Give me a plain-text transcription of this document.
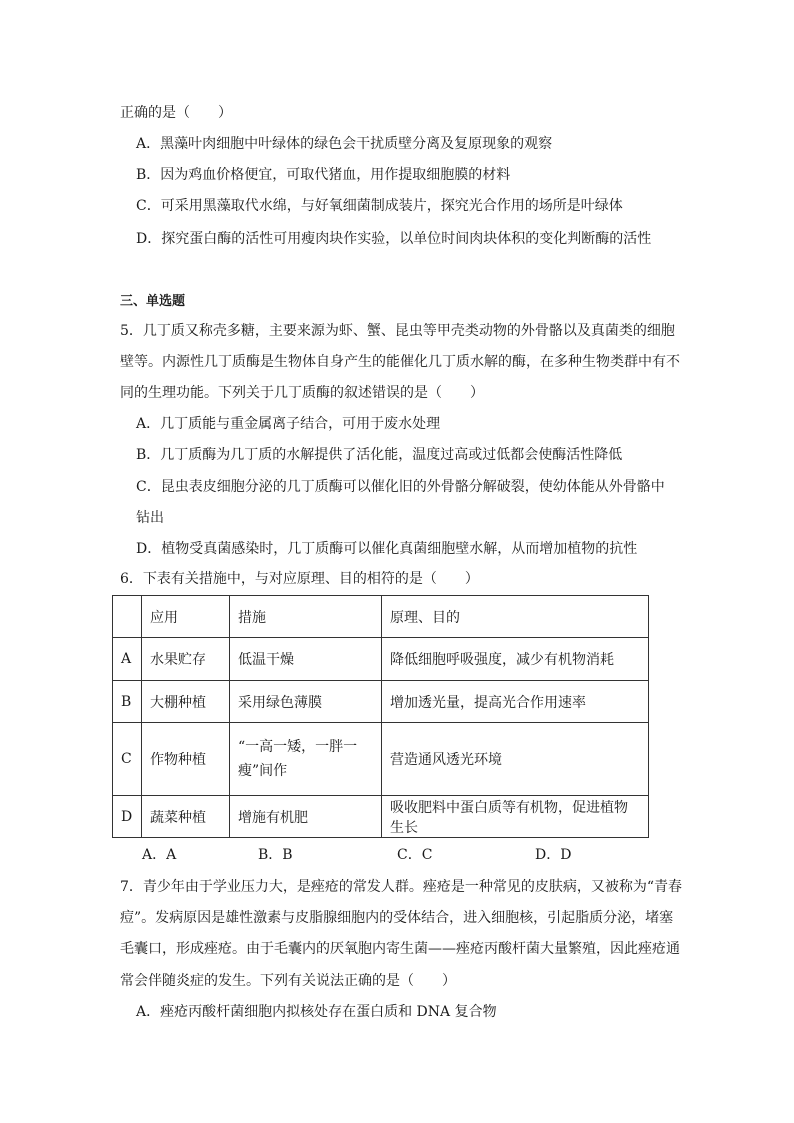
正确的是（　　）
A．黑藻叶肉细胞中叶绿体的绿色会干扰质壁分离及复原现象的观察
B．因为鸡血价格便宜，可取代猪血，用作提取细胞膜的材料
C．可采用黑藻取代水绵，与好氧细菌制成装片，探究光合作用的场所是叶绿体
D．探究蛋白酶的活性可用瘦肉块作实验，以单位时间肉块体积的变化判断酶的活性
三、单选题
5．几丁质又称壳多糖，主要来源为虾、蟹、昆虫等甲壳类动物的外骨骼以及真菌类的细胞
壁等。内源性几丁质酶是生物体自身产生的能催化几丁质水解的酶，在多种生物类群中有不
同的生理功能。下列关于几丁质酶的叙述错误的是（　　）
A．几丁质能与重金属离子结合，可用于废水处理
B．几丁质酶为几丁质的水解提供了活化能，温度过高或过低都会使酶活性降低
C．昆虫表皮细胞分泌的几丁质酶可以催化旧的外骨骼分解破裂，使幼体能从外骨骼中
钻出
D．植物受真菌感染时，几丁质酶可以催化真菌细胞壁水解，从而增加植物的抗性
6．下表有关措施中，与对应原理、目的相符的是（　　）
	应用	措施	原理、目的
A	水果贮存	低温干燥	降低细胞呼吸强度，减少有机物消耗
B	大棚种植	采用绿色薄膜	增加透光量，提高光合作用速率
C	作物种植	“一高一矮，一胖一瘦”间作	营造通风透光环境
D	蔬菜种植	增施有机肥	吸收肥料中蛋白质等有机物，促进植物生长
A．A	B．B	C．C	D．D
7．青少年由于学业压力大，是痤疮的常发人群。痤疮是一种常见的皮肤病，又被称为“青春
痘”。发病原因是雄性激素与皮脂腺细胞内的受体结合，进入细胞核，引起脂质分泌，堵塞
毛囊口，形成痤疮。由于毛囊内的厌氧胞内寄生菌——痤疮丙酸杆菌大量繁殖，因此痤疮通
常会伴随炎症的发生。下列有关说法正确的是（　　）
A．痤疮丙酸杆菌细胞内拟核处存在蛋白质和 DNA 复合物
